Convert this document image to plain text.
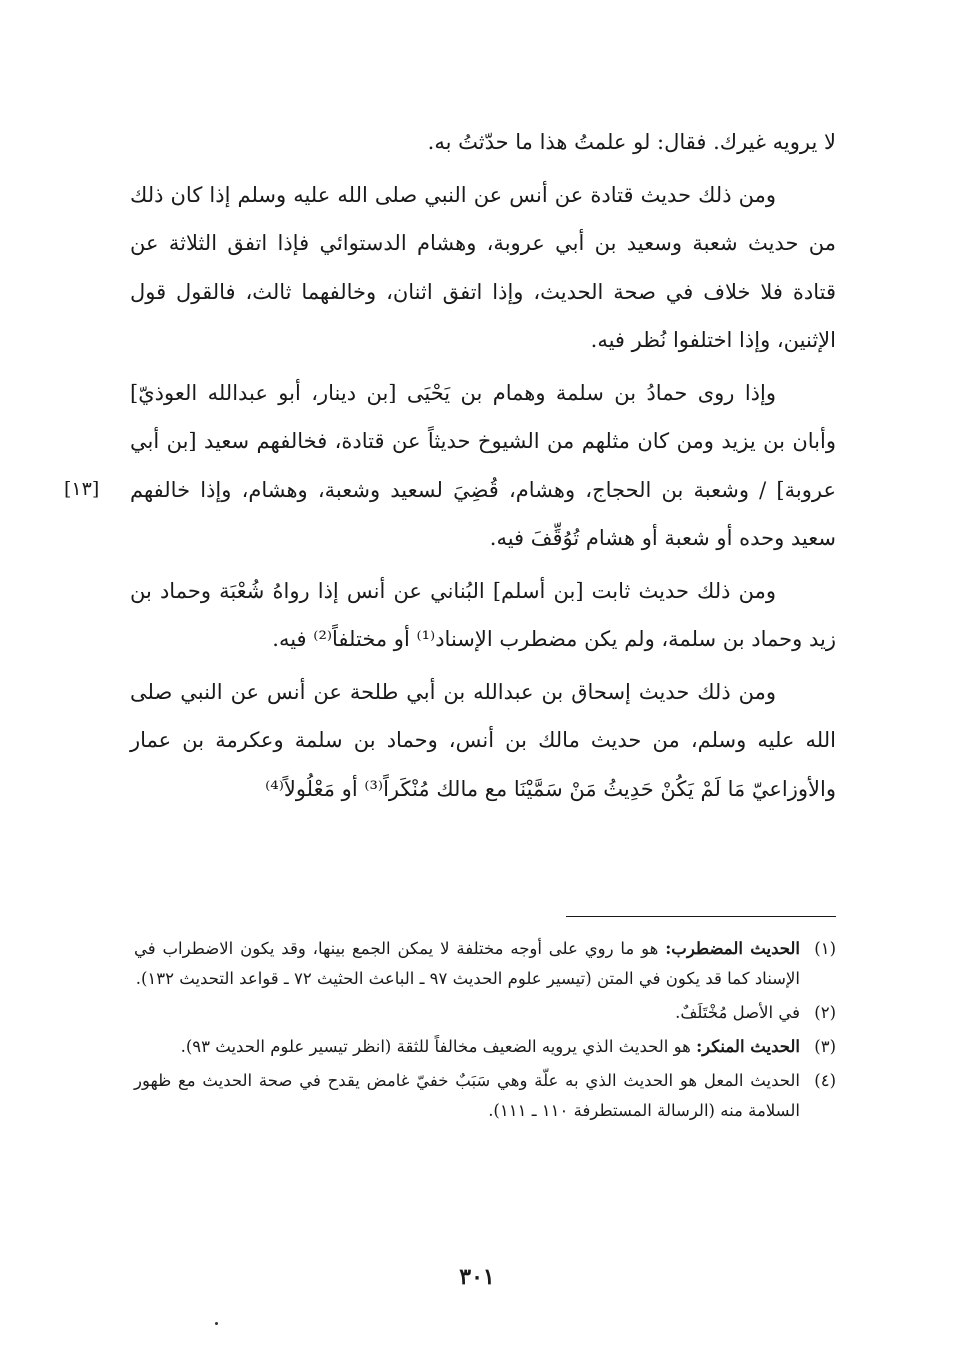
لا يرويه غيرك. فقال: لو علمتُ هذا ما حدّثتُ به.

ومن ذلك حديث قتادة عن أنس عن النبي صلى الله عليه وسلم إذا كان ذلك من حديث شعبة وسعيد بن أبي عروبة، وهشام الدستوائي فإذا اتفق الثلاثة عن قتادة فلا خلاف في صحة الحديث، وإذا اتفق اثنان، وخالفهما ثالث، فالقول قول الإثنين، وإذا اختلفوا نُظر فيه.

وإذا روى حمادُ بن سلمة وهمام بن يَحْيَى [بن دينار، أبو عبدالله العوذيّ] وأبان بن يزيد ومن كان مثلهم من الشيوخ حديثاً عن قتادة، فخالفهم سعيد [بن أبي عروبة] / وشعبة بن الحجاج، وهشام، قُضِيَ لسعيد وشعبة، وهشام، وإذا خالفهم سعيد وحده أو شعبة أو هشام تُوُقِّفَ فيه.

ومن ذلك حديث ثابت [بن أسلم] البُناني عن أنس إذا رواهُ شُعْبَة وحماد بن زيد وحماد بن سلمة، ولم يكن مضطرب الإسناد⁽¹⁾ أو مختلفاً⁽²⁾ فيه.

ومن ذلك حديث إسحاق بن عبدالله بن أبي طلحة عن أنس عن النبي صلى الله عليه وسلم، من حديث مالك بن أنس، وحماد بن سلمة وعكرمة بن عمار والأوزاعيّ مَا لَمْ يَكُنْ حَدِيثُ مَنْ سَمَّيْنَا مع مالك مُنْكَراً⁽³⁾ أو مَعْلُولاً⁽⁴⁾

[١٣]
(١)
الحديث المضطرب: هو ما روي على أوجه مختلفة لا يمكن الجمع بينها، وقد يكون الاضطراب في الإسناد كما قد يكون في المتن (تيسير علوم الحديث ٩٧ ـ الباعث الحثيث ٧٢ ـ قواعد التحديث ١٣٢).
(٢)
في الأصل مُخْتَلَفٌ.
(٣)
الحديث المنكر: هو الحديث الذي يرويه الضعيف مخالفاً للثقة (انظر تيسير علوم الحديث ٩٣).
(٤)
الحديث المعل هو الحديث الذي به علّة وهي سَبَبٌ خفيّ غامض يقدح في صحة الحديث مع ظهور السلامة منه (الرسالة المستطرفة ١١٠ ـ ١١١).
٣٠١
